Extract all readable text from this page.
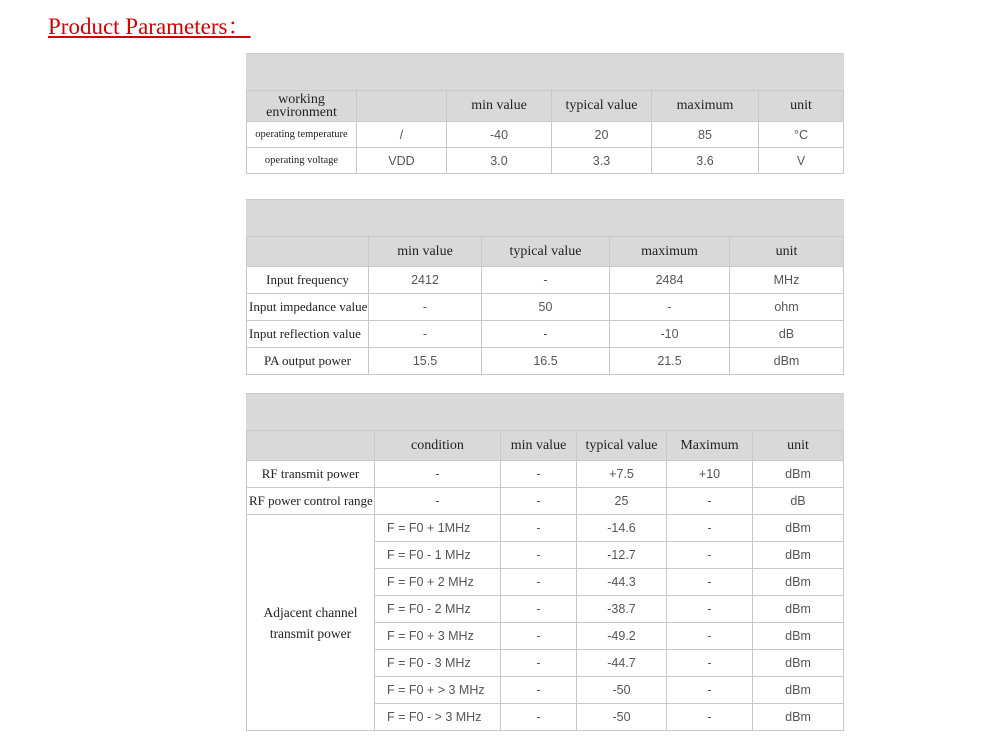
Product Parameters：

working environment		min value	typical value	maximum	unit
operating temperature	/	-40	20	85	°C
operating voltage	VDD	3.0	3.3	3.6	V

	min value	typical value	maximum	unit
Input frequency	2412	-	2484	MHz
Input impedance value	-	50	-	ohm
Input reflection value	-	-	-10	dB
PA output power	15.5	16.5	21.5	dBm

	condition	min value	typical value	Maximum	unit
RF transmit power	-	-	+7.5	+10	dBm
RF power control range	-	-	25	-	dB
Adjacent channel transmit power	F = F0 + 1MHz	-	-14.6	-	dBm
	F = F0 - 1 MHz	-	-12.7	-	dBm
	F = F0 + 2 MHz	-	-44.3	-	dBm
	F = F0 - 2 MHz	-	-38.7	-	dBm
	F = F0 + 3 MHz	-	-49.2	-	dBm
	F = F0 - 3 MHz	-	-44.7	-	dBm
	F = F0 + > 3 MHz	-	-50	-	dBm
	F = F0 - > 3 MHz	-	-50	-	dBm
